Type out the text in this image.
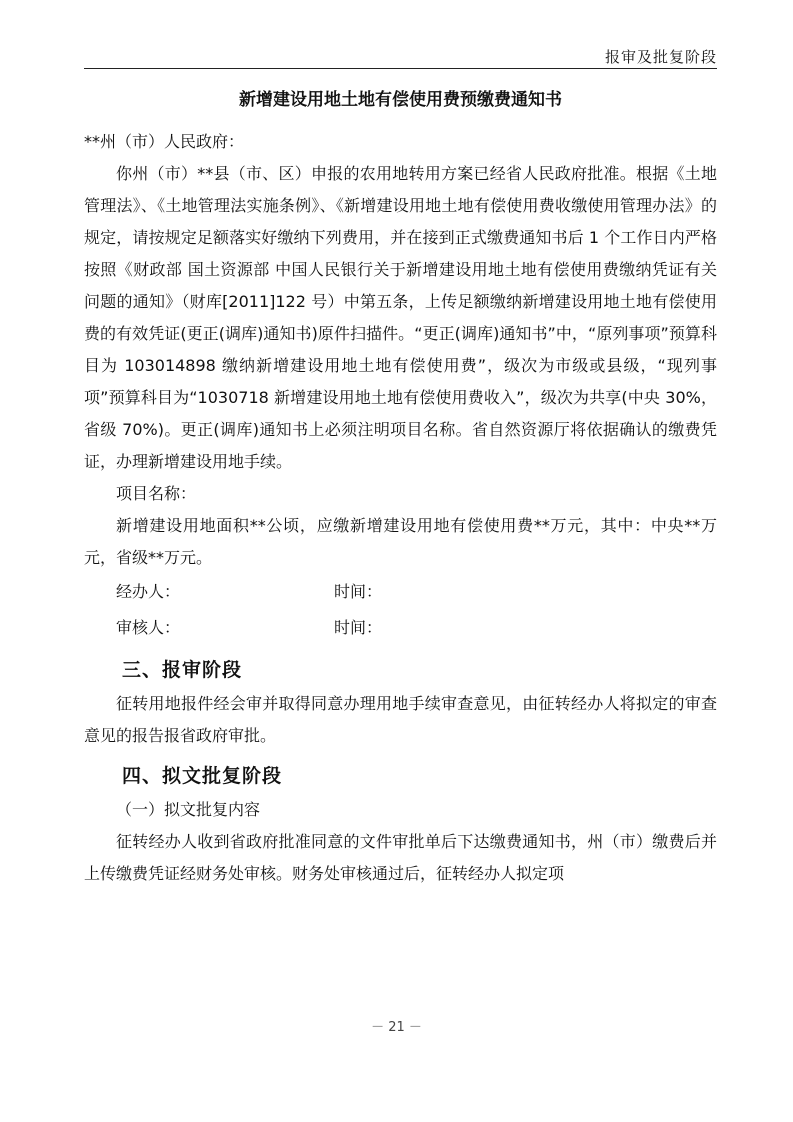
报审及批复阶段
新增建设用地土地有偿使用费预缴费通知书

**州（市）人民政府：

你州（市）**县（市、区）申报的农用地转用方案已经省人民政府批准。根据《土地管理法》、《土地管理法实施条例》、《新增建设用地土地有偿使用费收缴使用管理办法》的规定，请按规定足额落实好缴纳下列费用，并在接到正式缴费通知书后 1 个工作日内严格按照《财政部 国土资源部 中国人民银行关于新增建设用地土地有偿使用费缴纳凭证有关问题的通知》（财库[2011]122 号）中第五条，上传足额缴纳新增建设用地土地有偿使用费的有效凭证(更正(调库)通知书)原件扫描件。“更正(调库)通知书”中，“原列事项”预算科目为 103014898 缴纳新增建设用地土地有偿使用费”，级次为市级或县级，“现列事项”预算科目为“1030718 新增建设用地土地有偿使用费收入”，级次为共享(中央 30%，省级 70%)。更正(调库)通知书上必须注明项目名称。省自然资源厅将依据确认的缴费凭证，办理新增建设用地手续。

项目名称：

新增建设用地面积**公顷，应缴新增建设用地有偿使用费**万元，其中：中央**万元，省级**万元。

经办人：	时间：
审核人：	时间：
三、报审阶段

征转用地报件经会审并取得同意办理用地手续审查意见，由征转经办人将拟定的审查意见的报告报省政府审批。

四、拟文批复阶段

（一）拟文批复内容

征转经办人收到省政府批准同意的文件审批单后下达缴费通知书，州（市）缴费后并上传缴费凭证经财务处审核。财务处审核通过后，征转经办人拟定项

－ 21 －
